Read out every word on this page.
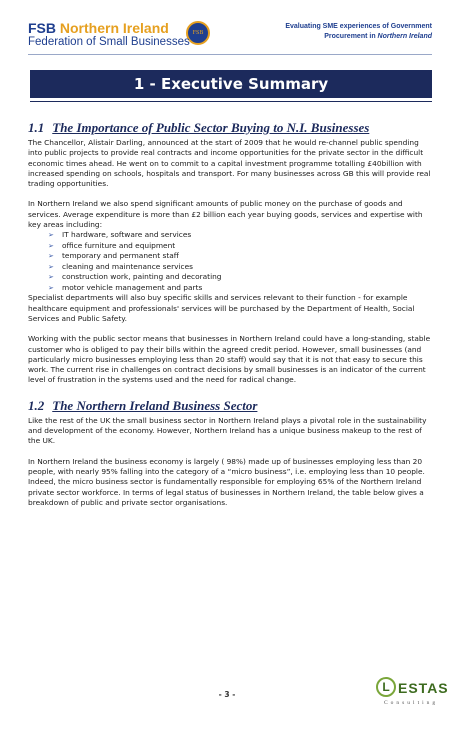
FSB Northern Ireland	FSB
Federation of Small Businesses
Evaluating SME experiences of Government
Procurement in Northern Ireland
1 - Executive Summary
1.1 The Importance of Public Sector Buying to N.I. Businesses

The Chancellor, Alistair Darling, announced at the start of 2009 that he would re-channel public spending into public projects to provide real contracts and income opportunities for the private sector in the difficult economic times ahead. He went on to commit to a capital investment programme totalling £40billion with increased spending on schools, hospitals and transport. For many businesses across GB this will provide real trading opportunities.

In Northern Ireland we also spend significant amounts of public money on the purchase of goods and services. Average expenditure is more than £2 billion each year buying goods, services and expertise with key areas including:

➢ IT hardware, software and services
➢ office furniture and equipment
➢ temporary and permanent staff
➢ cleaning and maintenance services
➢ construction work, painting and decorating
➢ motor vehicle management and parts

Specialist departments will also buy specific skills and services relevant to their function - for example healthcare equipment and professionals' services will be purchased by the Department of Health, Social Services and Public Safety.

Working with the public sector means that businesses in Northern Ireland could have a long-standing, stable customer who is obliged to pay their bills within the agreed credit period. However, small businesses (and particularly micro businesses employing less than 20 staff) would say that it is not that easy to secure this work. The current rise in challenges on contract decisions by small businesses is an indicator of the current level of frustration in the systems used and the need for radical change.

1.2 The Northern Ireland Business Sector

Like the rest of the UK the small business sector in Northern Ireland plays a pivotal role in the sustainability and development of the economy. However, Northern Ireland has a unique business makeup to the rest of the UK.

In Northern Ireland the business economy is largely ( 98%) made up of businesses employing less than 20 people, with nearly 95% falling into the category of a “micro business”, i.e. employing less than 10 people. Indeed, the micro business sector is fundamentally responsible for employing 65% of the Northern Ireland private sector workforce. In terms of legal status of businesses in Northern Ireland, the table below gives a breakdown of public and private sector organisations.

- 3 -
L ESTAS
Consulting
